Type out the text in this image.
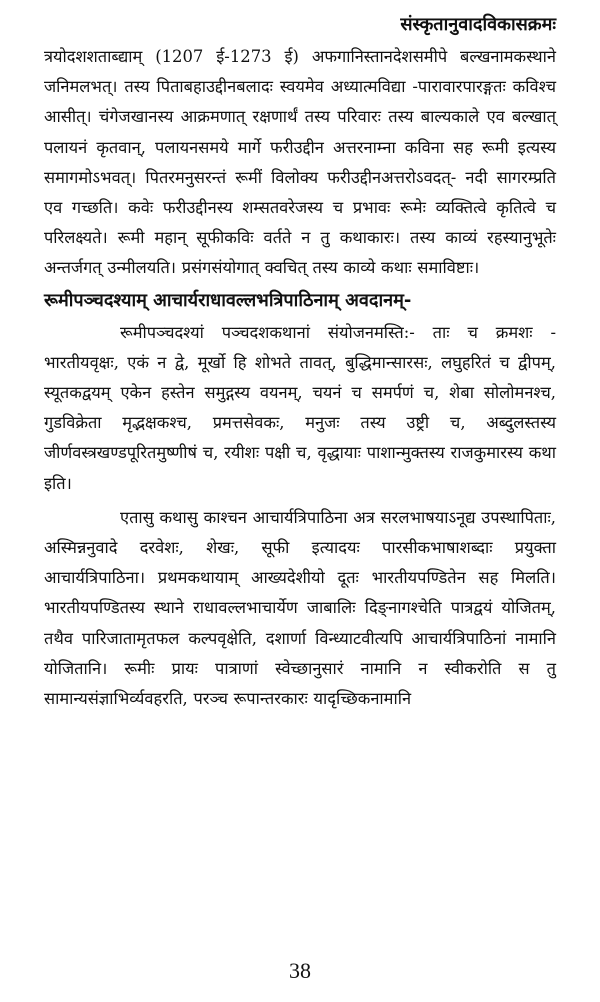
संस्कृतानुवादविकासक्रमः

त्रयोदशशताब्द्याम् (1207 ई-1273 ई) अफगानिस्तानदेशसमीपे बल्खनामकस्थाने जनिमलभत्। तस्य पिताबहाउद्दीनबलादः स्वयमेव अध्यात्मविद्या -पारावारपारङ्गतः कविश्च आसीत्। चंगेजखानस्य आक्रमणात् रक्षणार्थं तस्य परिवारः तस्य बाल्यकाले एव बल्खात् पलायनं कृतवान्, पलायनसमये मार्गे फरीउद्दीन अत्तरनाम्ना कविना सह रूमी इत्यस्य समागमोऽभवत्। पितरमनुसरन्तं रूमीं विलोक्य फरीउद्दीनअत्तरोऽवदत्- नदी सागरम्प्रति एव गच्छति। कवेः फरीउद्दीनस्य शम्सतवरेजस्य च प्रभावः रूमेः व्यक्तित्वे कृतित्वे च परिलक्ष्यते। रूमी महान् सूफीकविः वर्तते न तु कथाकारः। तस्य काव्यं रहस्यानुभूतेः अन्तर्जगत् उन्मीलयति। प्रसंगसंयोगात् क्वचित् तस्य काव्ये कथाः समाविष्टाः।

रूमीपञ्चदश्याम् आचार्यराधावल्लभत्रिपाठिनाम् अवदानम्-

रूमीपञ्चदश्यां पञ्चदशकथानां संयोजनमस्ति:- ताः च क्रमशः - भारतीयवृक्षः, एकं न द्वे, मूर्खो हि शोभते तावत्, बुद्धिमान्सारसः, लघुहरितं च द्वीपम्, स्यूतकद्वयम् एकेन हस्तेन समुद्गस्य वयनम्, चयनं च समर्पणं च, शेबा सोलोमनश्च, गुडविक्रेता मृद्भक्षकश्च, प्रमत्तसेवकः, मनुजः तस्य उष्ट्री च, अब्दुलस्तस्य जीर्णवस्त्रखण्डपूरितमुष्णीषं च, रयीशः पक्षी च, वृद्धायाः पाशान्मुक्तस्य राजकुमारस्य कथा इति।

एतासु कथासु काश्चन आचार्यत्रिपाठिना अत्र सरलभाषयाऽनूद्य उपस्थापिताः, अस्मिन्ननुवादे दरवेशः, शेखः, सूफी इत्यादयः पारसीकभाषाशब्दाः प्रयुक्ता आचार्यत्रिपाठिना। प्रथमकथायाम् आख्यदेशीयो दूतः भारतीयपण्डितेन सह मिलति। भारतीयपण्डितस्य स्थाने राधावल्लभाचार्येण जाबालिः दिङ्नागश्चेति पात्रद्वयं योजितम्, तथैव पारिजातामृतफल कल्पवृक्षेति, दशार्णा विन्ध्याटवीत्यपि आचार्यत्रिपाठिनां नामानि योजितानि। रूमीः प्रायः पात्राणां स्वेच्छानुसारं नामानि न स्वीकरोति स तु सामान्यसंज्ञाभिर्व्यवहरति, परञ्च रूपान्तरकारः यादृच्छिकनामानि

38
